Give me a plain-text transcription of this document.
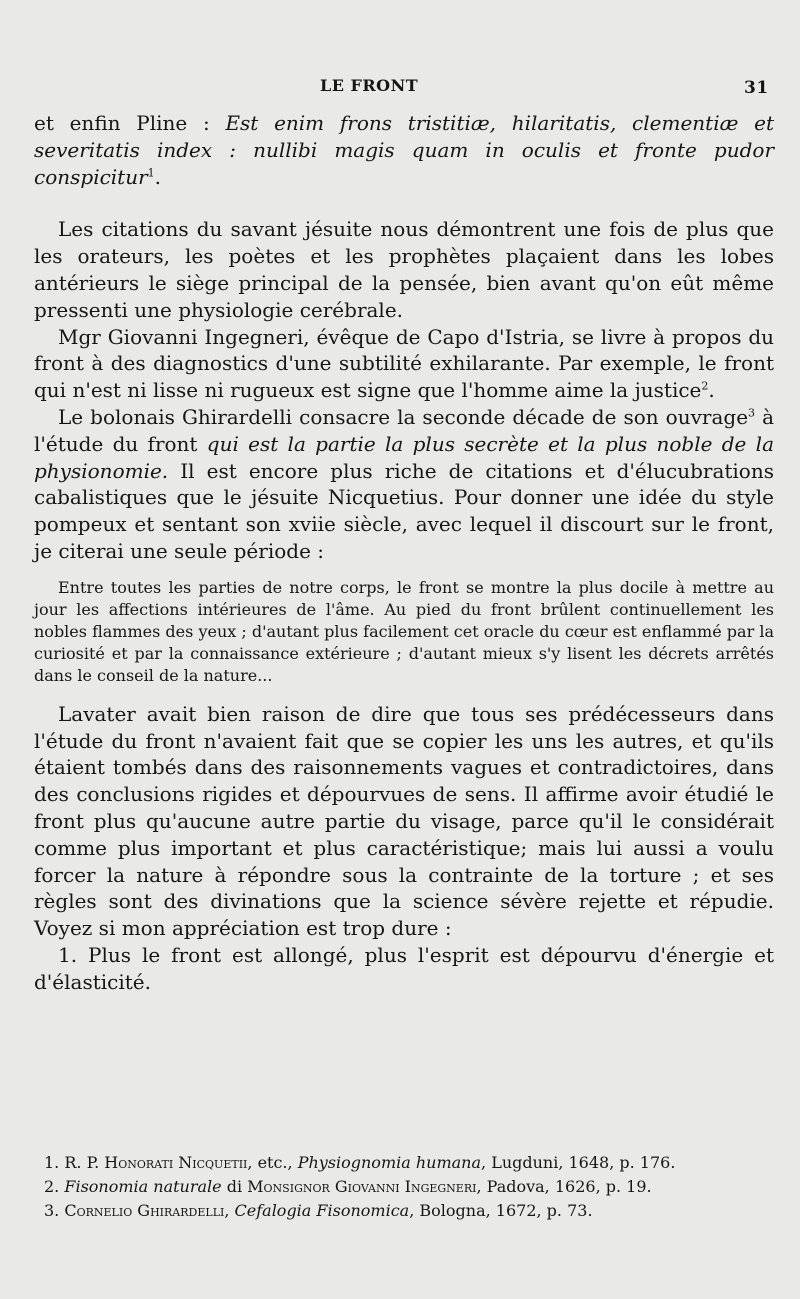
LE FRONT	31

et enfin Pline : Est enim frons tristitiæ, hilaritatis, clementiæ et severitatis index : nullibi magis quam in oculis et fronte pudor conspicitur$^1$.

Les citations du savant jésuite nous démontrent une fois de plus que les orateurs, les poètes et les prophètes plaçaient dans les lobes antérieurs le siège principal de la pensée, bien avant qu'on eût même pressenti une physiologie cerébrale.

Mgr Giovanni Ingegneri, évêque de Capo d'Istria, se livre à propos du front à des diagnostics d'une subtilité exhilarante. Par exemple, le front qui n'est ni lisse ni rugueux est signe que l'homme aime la justice$^2$.

Le bolonais Ghirardelli consacre la seconde décade de son ouvrage$^3$ à l'étude du front qui est la partie la plus secrète et la plus noble de la physionomie. Il est encore plus riche de citations et d'élucubrations cabalistiques que le jésuite Nicquetius. Pour donner une idée du style pompeux et sentant son xviie siècle, avec lequel il discourt sur le front, je citerai une seule période :

Entre toutes les parties de notre corps, le front se montre la plus docile à mettre au jour les affections intérieures de l'âme. Au pied du front brûlent continuellement les nobles flammes des yeux ; d'autant plus facilement cet oracle du cœur est enflammé par la curiosité et par la connaissance extérieure ; d'autant mieux s'y lisent les décrets arrêtés dans le conseil de la nature...

Lavater avait bien raison de dire que tous ses prédécesseurs dans l'étude du front n'avaient fait que se copier les uns les autres, et qu'ils étaient tombés dans des raisonnements vagues et contradictoires, dans des conclusions rigides et dépourvues de sens. Il affirme avoir étudié le front plus qu'aucune autre partie du visage, parce qu'il le considérait comme plus important et plus caractéristique; mais lui aussi a voulu forcer la nature à répondre sous la contrainte de la torture ; et ses règles sont des divinations que la science sévère rejette et répudie. Voyez si mon appréciation est trop dure :

1. Plus le front est allongé, plus l'esprit est dépourvu d'énergie et d'élasticité.

1. R. P. Honorati Nicquetii, etc., Physiognomia humana, Lugduni, 1648, p. 176.

2. Fisonomia naturale di Monsignor Giovanni Ingegneri, Padova, 1626, p. 19.

3. Cornelio Ghirardelli, Cefalogia Fisonomica, Bologna, 1672, p. 73.
